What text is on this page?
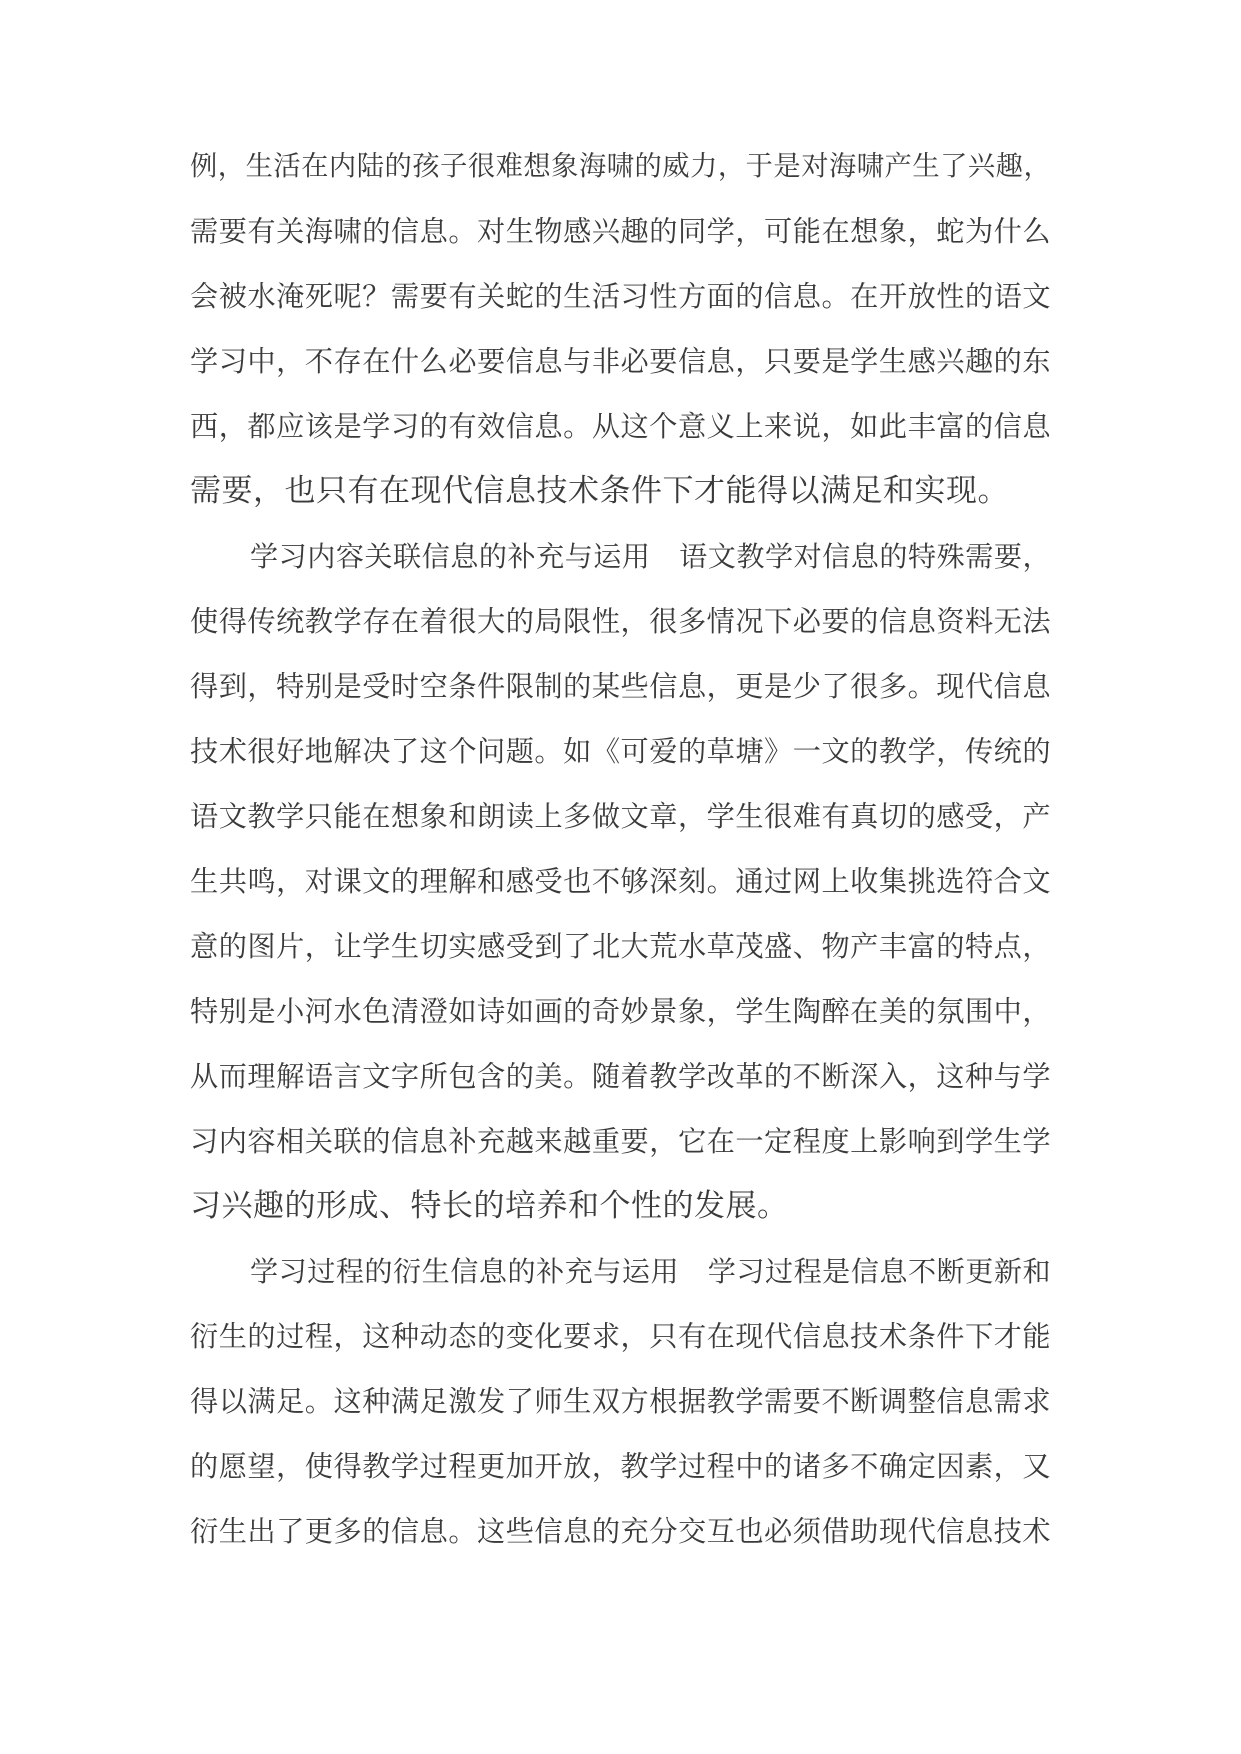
例，生活在内陆的孩子很难想象海啸的威力，于是对海啸产生了兴趣，
需要有关海啸的信息。对生物感兴趣的同学，可能在想象，蛇为什么
会被水淹死呢？需要有关蛇的生活习性方面的信息。在开放性的语文
学习中，不存在什么必要信息与非必要信息，只要是学生感兴趣的东
西，都应该是学习的有效信息。从这个意义上来说，如此丰富的信息
需要，也只有在现代信息技术条件下才能得以满足和实现。
学习内容关联信息的补充与运用　语文教学对信息的特殊需要，
使得传统教学存在着很大的局限性，很多情况下必要的信息资料无法
得到，特别是受时空条件限制的某些信息，更是少了很多。现代信息
技术很好地解决了这个问题。如《可爱的草塘》一文的教学，传统的
语文教学只能在想象和朗读上多做文章，学生很难有真切的感受，产
生共鸣，对课文的理解和感受也不够深刻。通过网上收集挑选符合文
意的图片，让学生切实感受到了北大荒水草茂盛、物产丰富的特点，
特别是小河水色清澄如诗如画的奇妙景象，学生陶醉在美的氛围中，
从而理解语言文字所包含的美。随着教学改革的不断深入，这种与学
习内容相关联的信息补充越来越重要，它在一定程度上影响到学生学
习兴趣的形成、特长的培养和个性的发展。
学习过程的衍生信息的补充与运用　学习过程是信息不断更新和
衍生的过程，这种动态的变化要求，只有在现代信息技术条件下才能
得以满足。这种满足激发了师生双方根据教学需要不断调整信息需求
的愿望，使得教学过程更加开放，教学过程中的诸多不确定因素，又
衍生出了更多的信息。这些信息的充分交互也必须借助现代信息技术
